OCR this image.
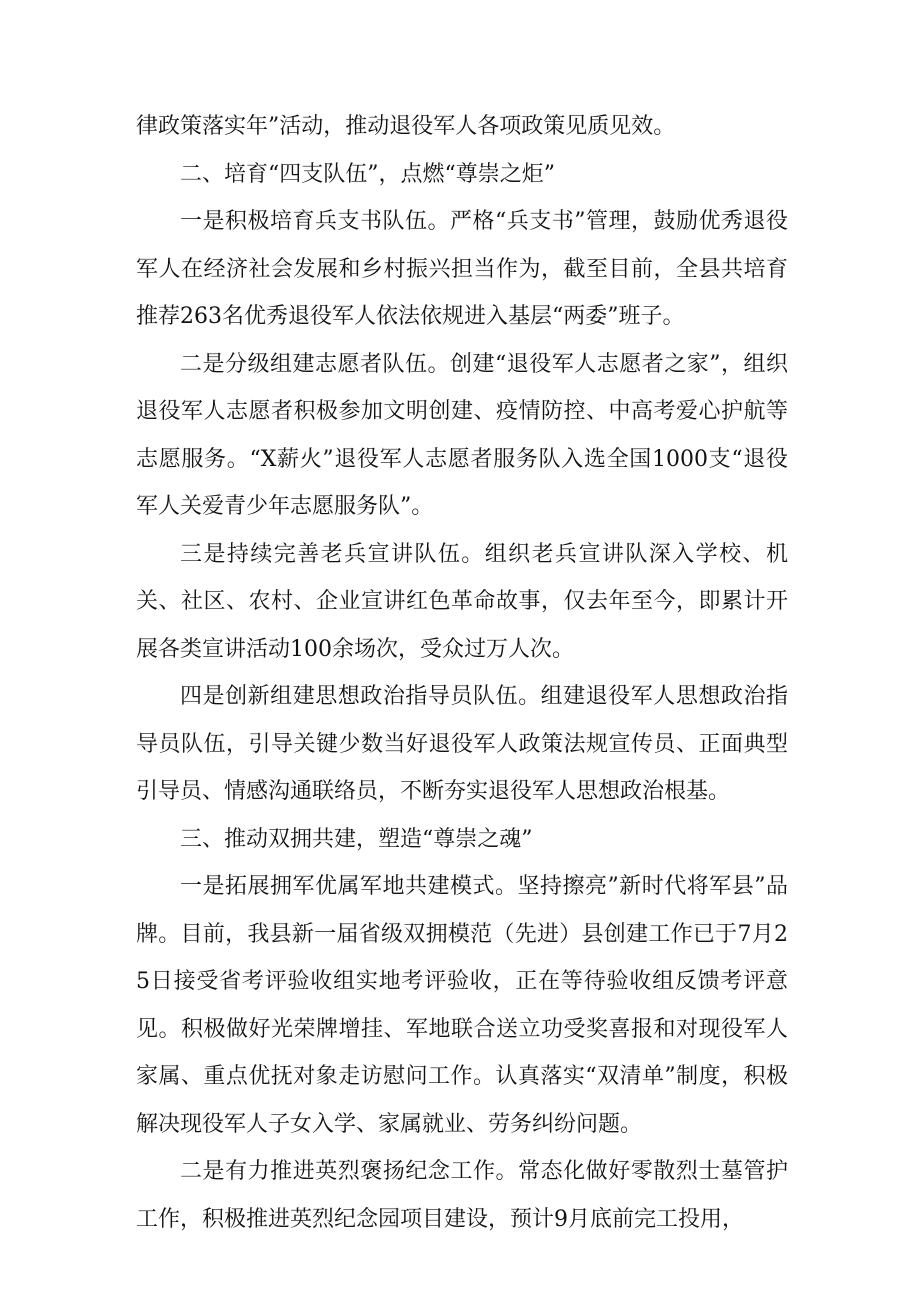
律政策落实年”活动，推动退役军人各项政策见质见效。

二、培育“四支队伍”，点燃“尊崇之炬”

一是积极培育兵支书队伍。严格“兵支书”管理，鼓励优秀退役军人在经济社会发展和乡村振兴担当作为，截至目前，全县共培育推荐263名优秀退役军人依法依规进入基层“两委”班子。

二是分级组建志愿者队伍。创建“退役军人志愿者之家”，组织退役军人志愿者积极参加文明创建、疫情防控、中高考爱心护航等志愿服务。“X薪火”退役军人志愿者服务队入选全国1000支“退役军人关爱青少年志愿服务队”。

三是持续完善老兵宣讲队伍。组织老兵宣讲队深入学校、机关、社区、农村、企业宣讲红色革命故事，仅去年至今，即累计开展各类宣讲活动100余场次，受众过万人次。

四是创新组建思想政治指导员队伍。组建退役军人思想政治指导员队伍，引导关键少数当好退役军人政策法规宣传员、正面典型引导员、情感沟通联络员，不断夯实退役军人思想政治根基。

三、推动双拥共建，塑造“尊崇之魂”

一是拓展拥军优属军地共建模式。坚持擦亮”新时代将军县”品牌。目前，我县新一届省级双拥模范（先进）县创建工作已于7月25日接受省考评验收组实地考评验收，正在等待验收组反馈考评意见。积极做好光荣牌增挂、军地联合送立功受奖喜报和对现役军人家属、重点优抚对象走访慰问工作。认真落实“双清单”制度，积极解决现役军人子女入学、家属就业、劳务纠纷问题。

二是有力推进英烈褒扬纪念工作。常态化做好零散烈士墓管护工作，积极推进英烈纪念园项目建设，预计9月底前完工投用，
